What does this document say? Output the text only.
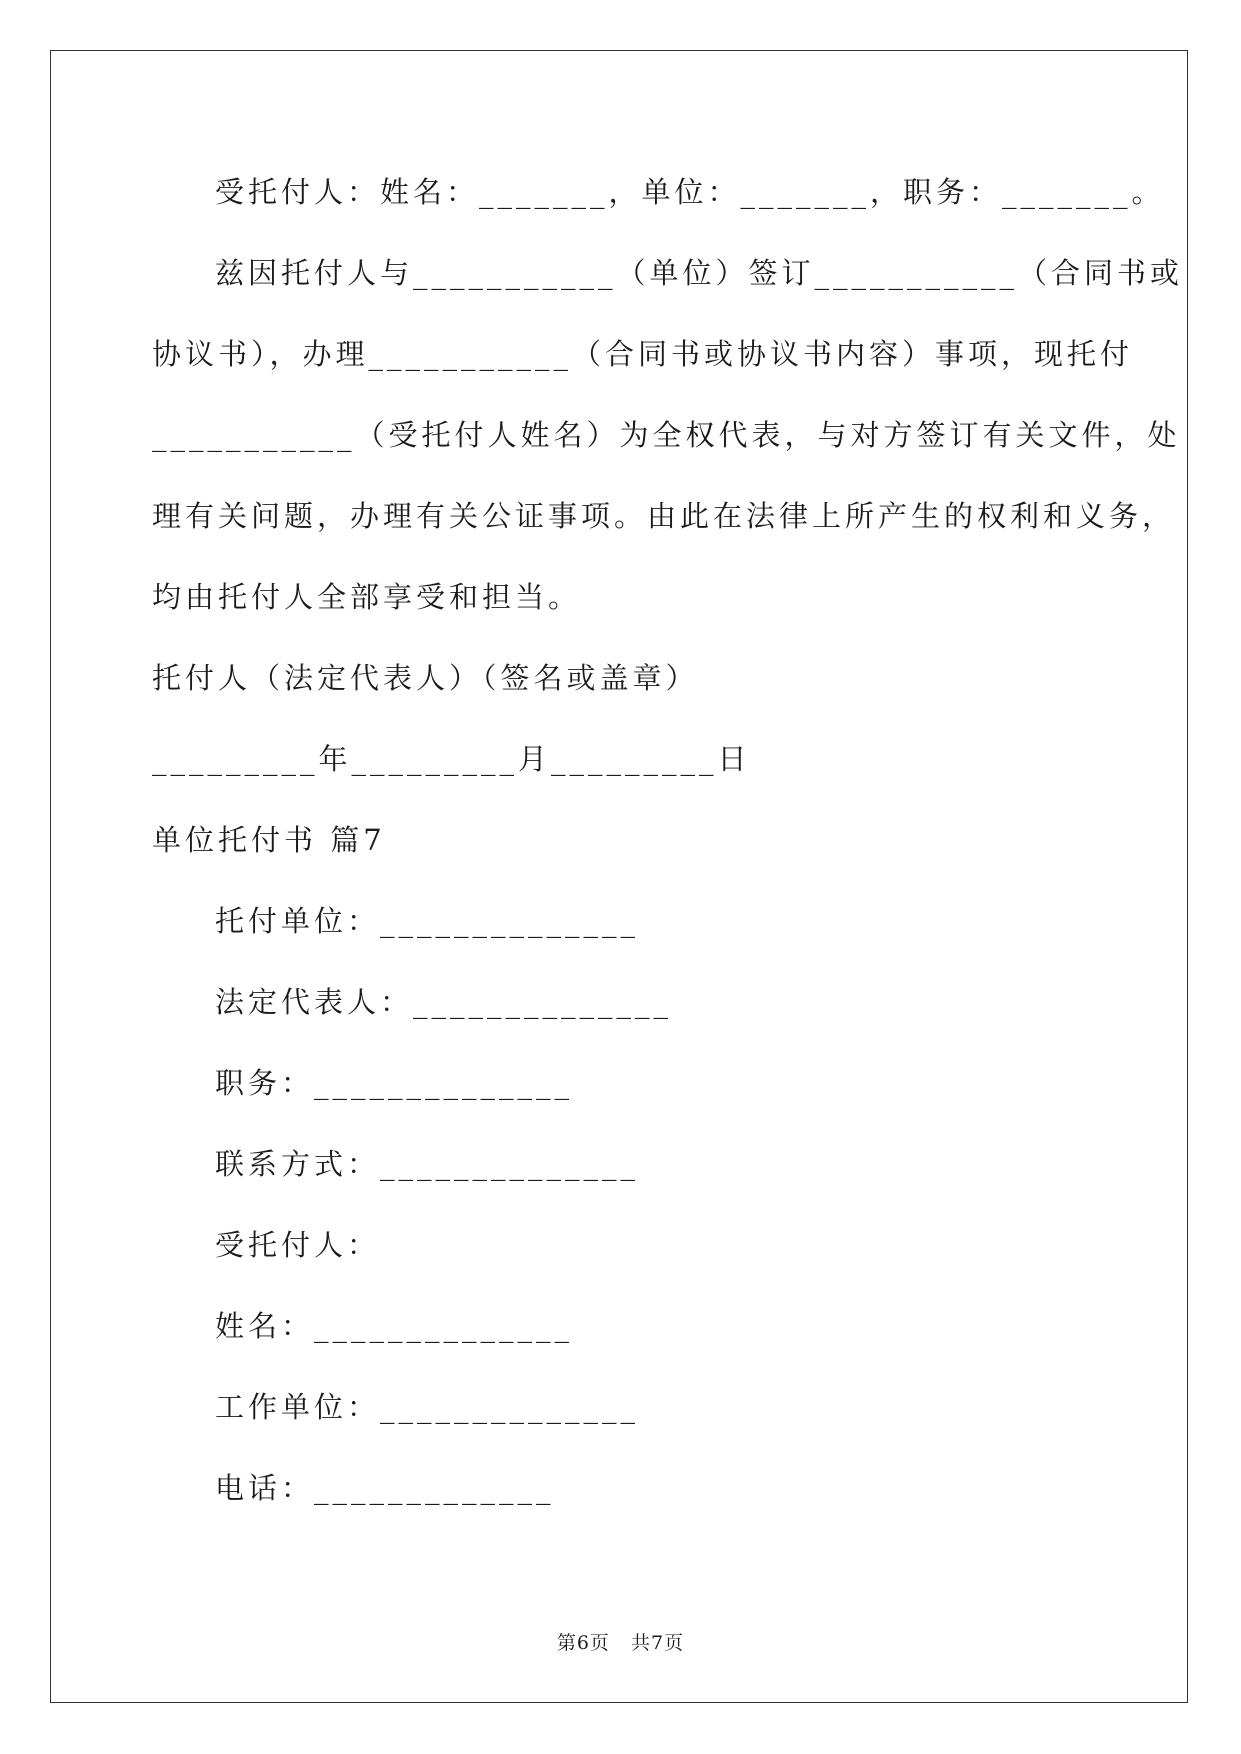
受托付人：姓名：_______，单位：_______，职务：_______。
兹因托付人与___________（单位）签订___________（合同书或
协议书），办理___________（合同书或协议书内容）事项，现托付
___________（受托付人姓名）为全权代表，与对方签订有关文件，处
理有关问题，办理有关公证事项。由此在法律上所产生的权利和义务，
均由托付人全部享受和担当。
托付人（法定代表人）（签名或盖章）
_________年_________月_________日
单位托付书 篇7
托付单位：______________
法定代表人：______________
职务：______________
联系方式：______________
受托付人：
姓名：______________
工作单位：______________
电话：_____________
第6页   共7页
